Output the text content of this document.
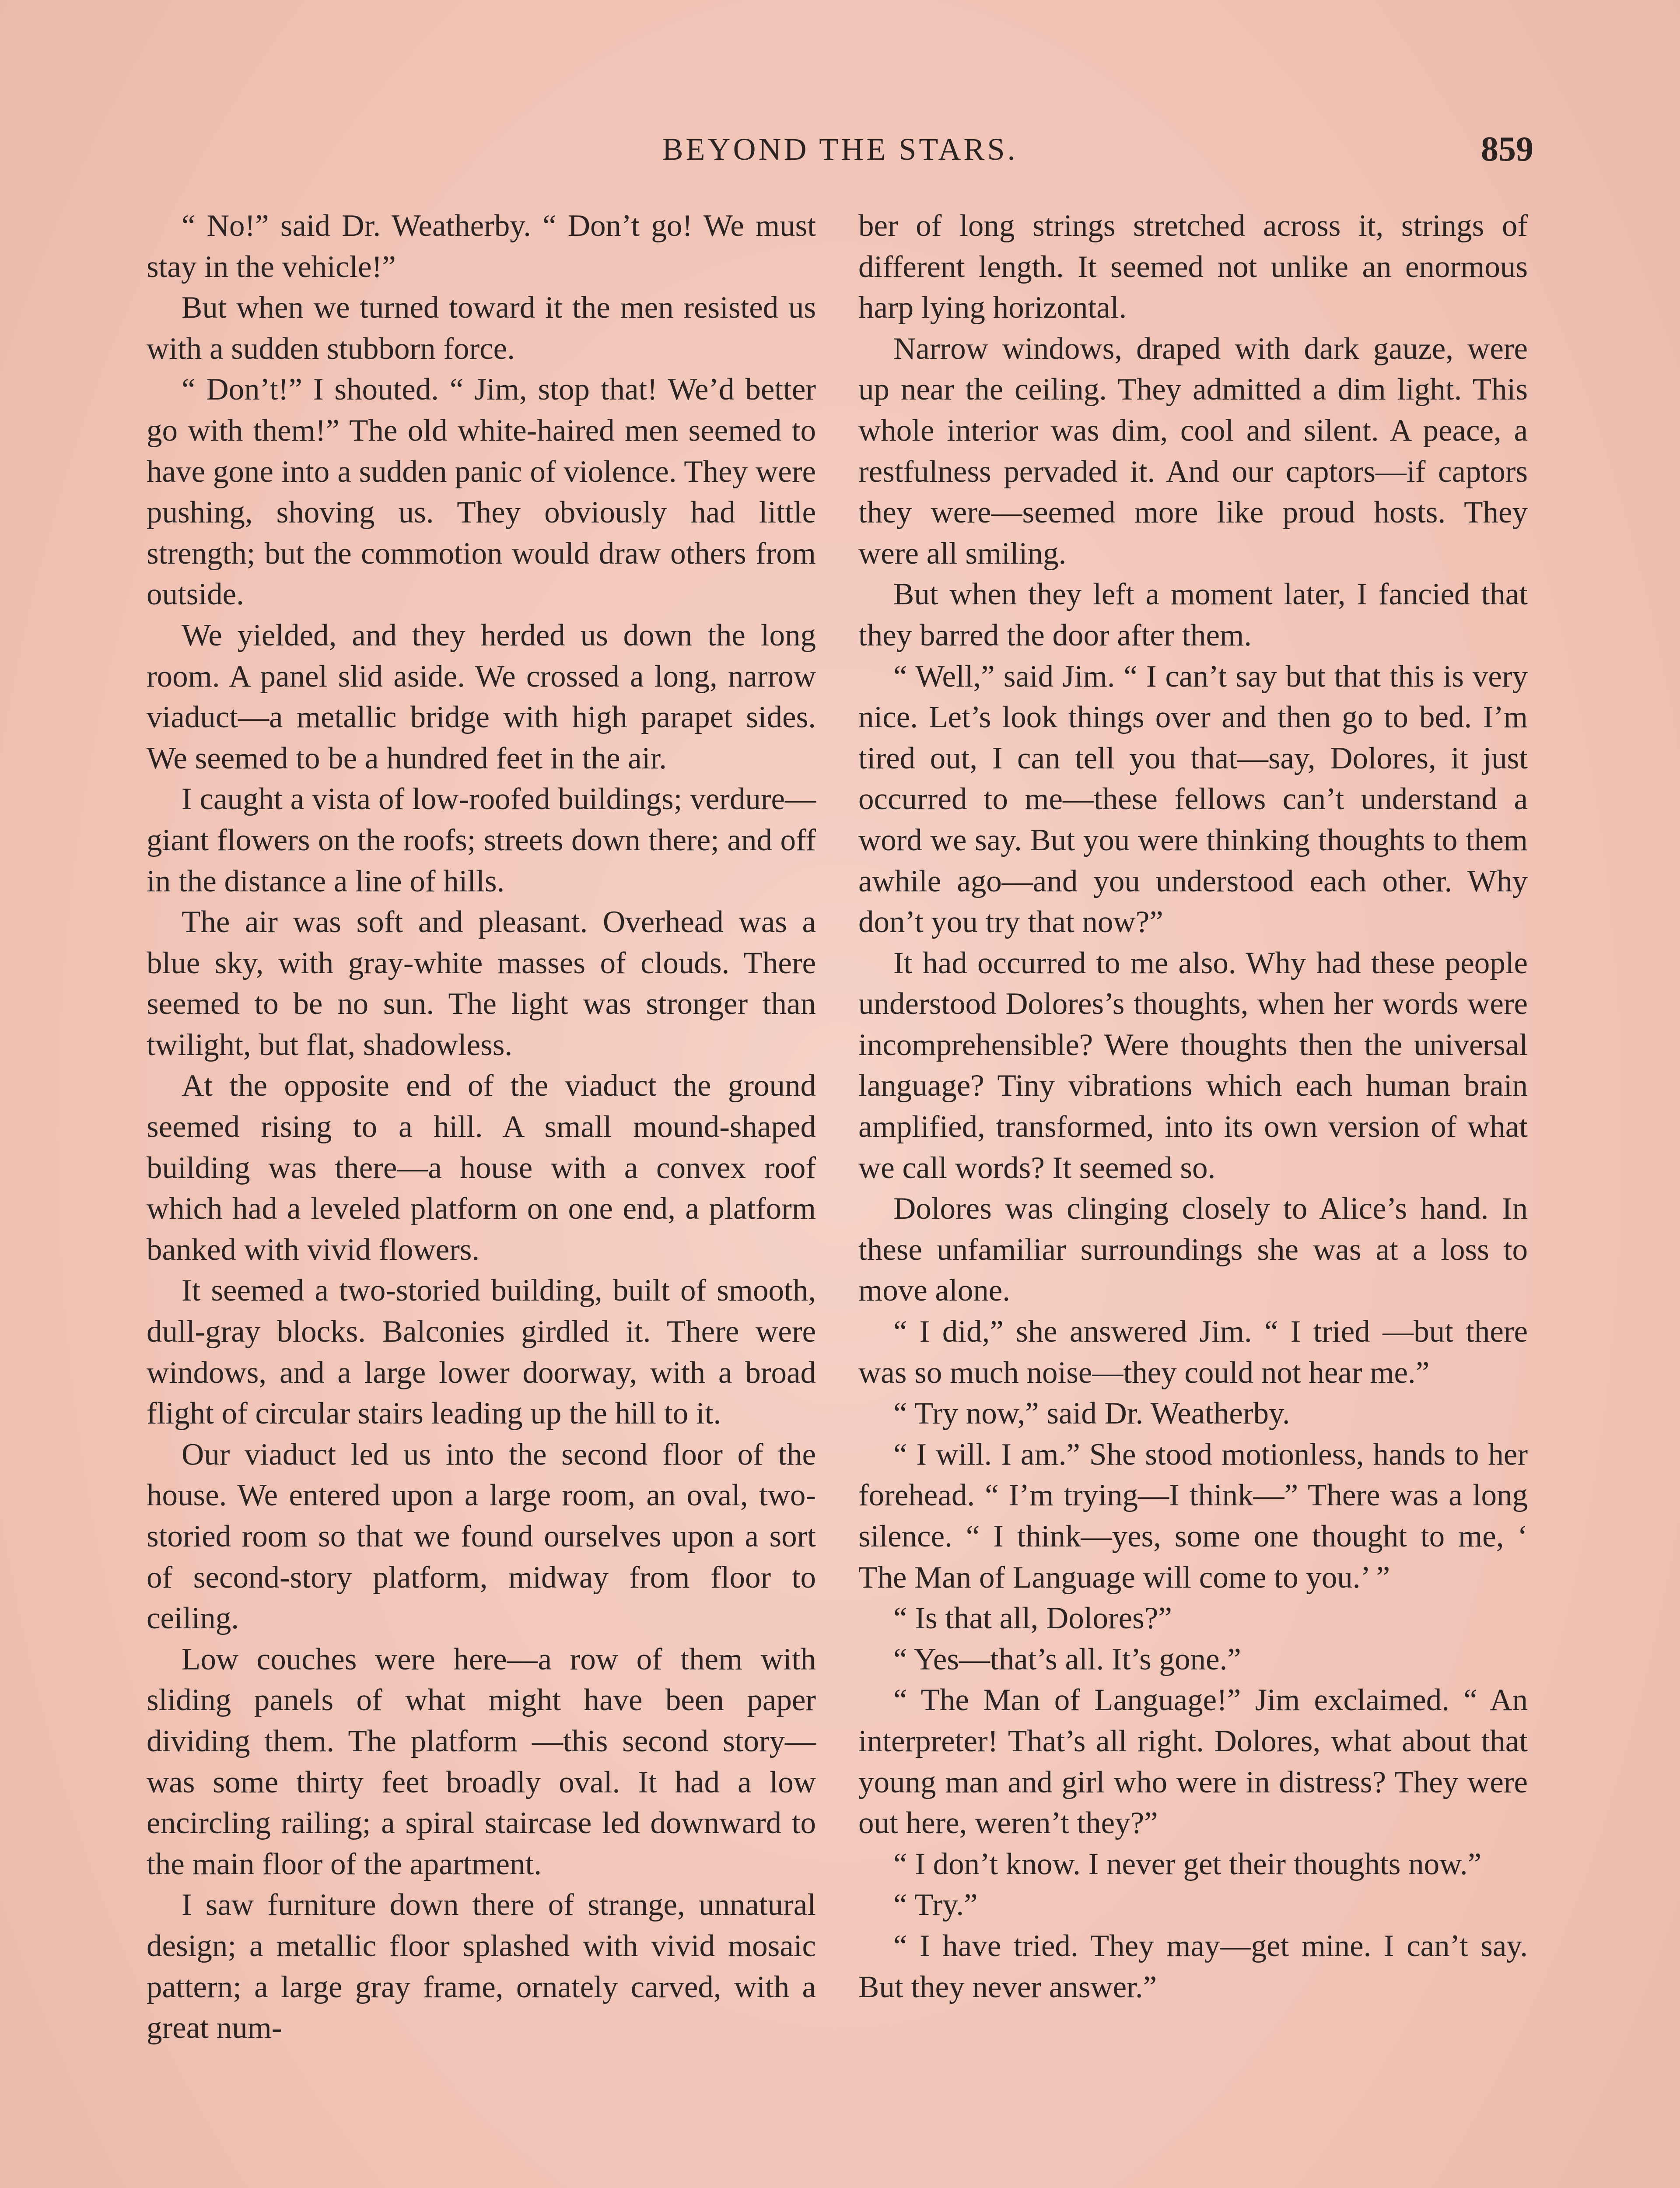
BEYOND THE STARS.	859

“ No!” said Dr. Weatherby. “ Don’t go! We must stay in the vehicle!”

But when we turned toward it the men resisted us with a sudden stubborn force.

“ Don’t!” I shouted. “ Jim, stop that! We’d better go with them!” The old white-haired men seemed to have gone into a sudden panic of violence. They were pushing, shoving us. They obviously had little strength; but the commotion would draw others from outside.

We yielded, and they herded us down the long room. A panel slid aside. We crossed a long, narrow viaduct—a metallic bridge with high parapet sides. We seemed to be a hundred feet in the air.

I caught a vista of low-roofed buildings; verdure—giant flowers on the roofs; streets down there; and off in the distance a line of hills.

The air was soft and pleasant. Overhead was a blue sky, with gray-white masses of clouds. There seemed to be no sun. The light was stronger than twilight, but flat, shadowless.

At the opposite end of the viaduct the ground seemed rising to a hill. A small mound-shaped building was there—a house with a convex roof which had a leveled platform on one end, a platform banked with vivid flowers.

It seemed a two-storied building, built of smooth, dull-gray blocks. Balconies girdled it. There were windows, and a large lower doorway, with a broad flight of circular stairs leading up the hill to it.

Our viaduct led us into the second floor of the house. We entered upon a large room, an oval, two-storied room so that we found ourselves upon a sort of second-story platform, midway from floor to ceiling.

Low couches were here—a row of them with sliding panels of what might have been paper dividing them. The platform —this second story—was some thirty feet broadly oval. It had a low encircling railing; a spiral staircase led downward to the main floor of the apartment.

I saw furniture down there of strange, unnatural design; a metallic floor splashed with vivid mosaic pattern; a large gray frame, ornately carved, with a great num-

ber of long strings stretched across it, strings of different length. It seemed not unlike an enormous harp lying horizontal.

Narrow windows, draped with dark gauze, were up near the ceiling. They admitted a dim light. This whole interior was dim, cool and silent. A peace, a restfulness pervaded it. And our captors—if captors they were—seemed more like proud hosts. They were all smiling.

But when they left a moment later, I fancied that they barred the door after them.

“ Well,” said Jim. “ I can’t say but that this is very nice. Let’s look things over and then go to bed. I’m tired out, I can tell you that—say, Dolores, it just occurred to me—these fellows can’t understand a word we say. But you were thinking thoughts to them awhile ago—and you understood each other. Why don’t you try that now?”

It had occurred to me also. Why had these people understood Dolores’s thoughts, when her words were incomprehensible? Were thoughts then the universal language? Tiny vibrations which each human brain amplified, transformed, into its own version of what we call words? It seemed so.

Dolores was clinging closely to Alice’s hand. In these unfamiliar surroundings she was at a loss to move alone.

“ I did,” she answered Jim. “ I tried —but there was so much noise—they could not hear me.”

“ Try now,” said Dr. Weatherby.

“ I will. I am.” She stood motionless, hands to her forehead. “ I’m trying—I think—” There was a long silence. “ I think—yes, some one thought to me, ‘ The Man of Language will come to you.’ ”

“ Is that all, Dolores?”

“ Yes—that’s all. It’s gone.”

“ The Man of Language!” Jim exclaimed. “ An interpreter! That’s all right. Dolores, what about that young man and girl who were in distress? They were out here, weren’t they?”

“ I don’t know. I never get their thoughts now.”

“ Try.”

“ I have tried. They may—get mine. I can’t say. But they never answer.”
